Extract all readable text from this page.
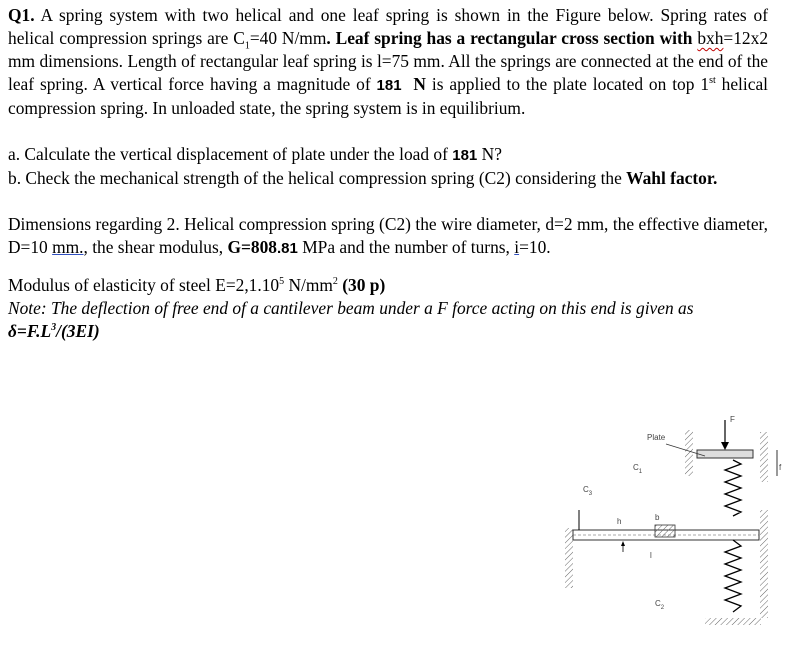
Q1. A spring system with two helical and one leaf spring is shown in the Figure below. Spring rates of helical compression springs are $C_1=40$ N/mm. Leaf spring has a rectangular cross section with bxh=12x2 mm dimensions. Length of rectangular leaf spring is l=75 mm. All the springs are connected at the end of the leaf spring. A vertical force having a magnitude of 181 N is applied to the plate located on top 1st helical compression spring. In unloaded state, the spring system is in equilibrium.

a. Calculate the vertical displacement of plate under the load of 181 N?

b. Check the mechanical strength of the helical compression spring (C2) considering the Wahl factor.

Dimensions regarding 2. Helical compression spring (C2) the wire diameter, d=2 mm, the effective diameter, D=10 mm., the shear modulus, G=808.81 MPa and the number of turns, i=10.

Modulus of elasticity of steel $E=2,1.10^5$ $N/mm^2$ (30 p)

Note: The deflection of free end of a cantilever beam under a F force acting on this end is given as $\delta=F.L^3/(3EI)$

Plate
F
$C_1$
$C_3$
b
h
l
$C_2$
f
